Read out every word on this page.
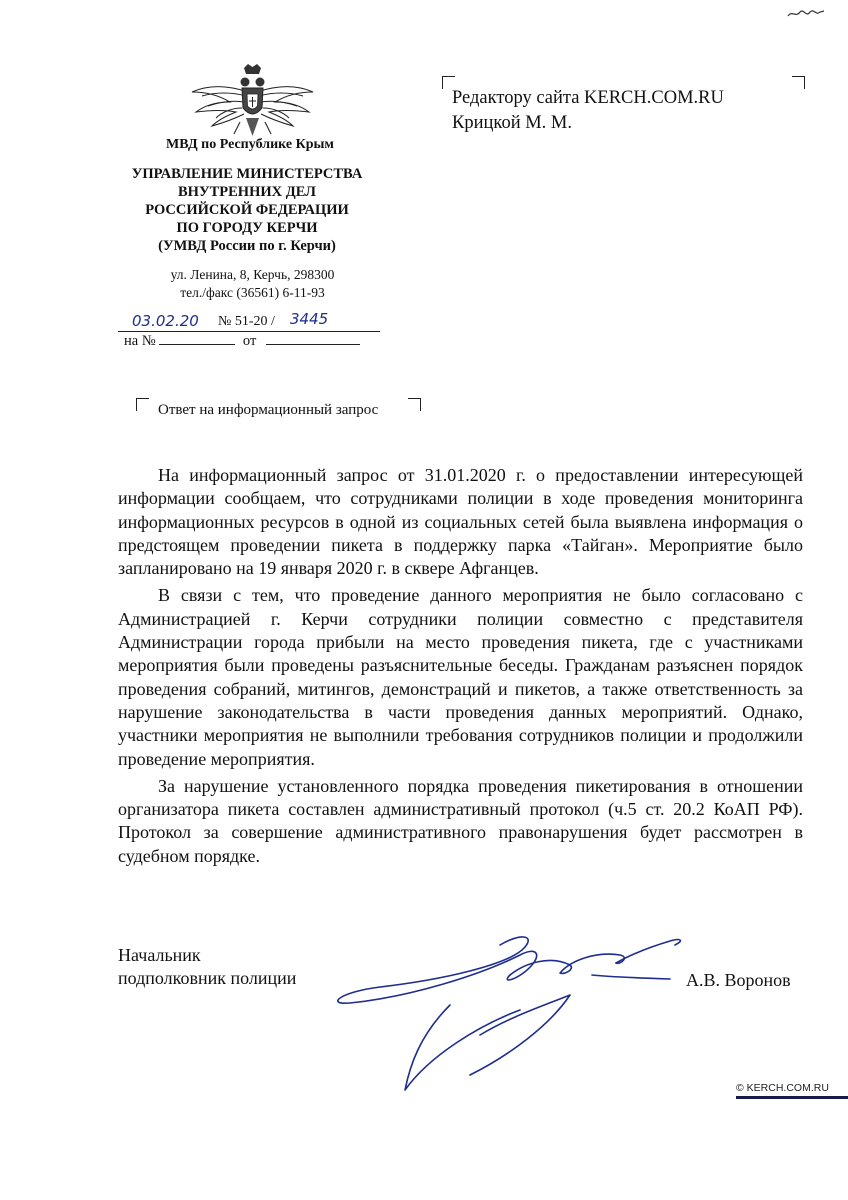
МВД по Республике Крым
УПРАВЛЕНИЕ МИНИСТЕРСТВА
ВНУТРЕННИХ ДЕЛ
РОССИЙСКОЙ ФЕДЕРАЦИИ
ПО ГОРОДУ КЕРЧИ
(УМВД России по г. Керчи)
ул. Ленина, 8, Керчь, 298300
тел./факс (36561) 6-11-93
03.02.20 № 51-20 / 3445
на №	от
Редактору сайта KERCH.COM.RU
Крицкой М. М.
Ответ на информационный запрос

На информационный запрос от 31.01.2020 г. о предоставлении интересующей информации сообщаем, что сотрудниками полиции в ходе проведения мониторинга информационных ресурсов в одной из социальных сетей была выявлена информация о предстоящем проведении пикета в поддержку парка «Тайган». Мероприятие было запланировано на 19 января 2020 г. в сквере Афганцев.

В связи с тем, что проведение данного мероприятия не было согласовано с Администрацией г. Керчи сотрудники полиции совместно с представителя Администрации города прибыли на место проведения пикета, где с участниками мероприятия были проведены разъяснительные беседы. Гражданам разъяснен порядок проведения собраний, митингов, демонстраций и пикетов, а также ответственность за нарушение законодательства в части проведения данных мероприятий. Однако, участники мероприятия не выполнили требования сотрудников полиции и продолжили проведение мероприятия.

За нарушение установленного порядка проведения пикетирования в отношении организатора пикета составлен административный протокол (ч.5 ст. 20.2 КоАП РФ). Протокол за совершение административного правонарушения будет рассмотрен в судебном порядке.

Начальник
подполковник полиции	А.В. Воронов
© KERCH.COM.RU
